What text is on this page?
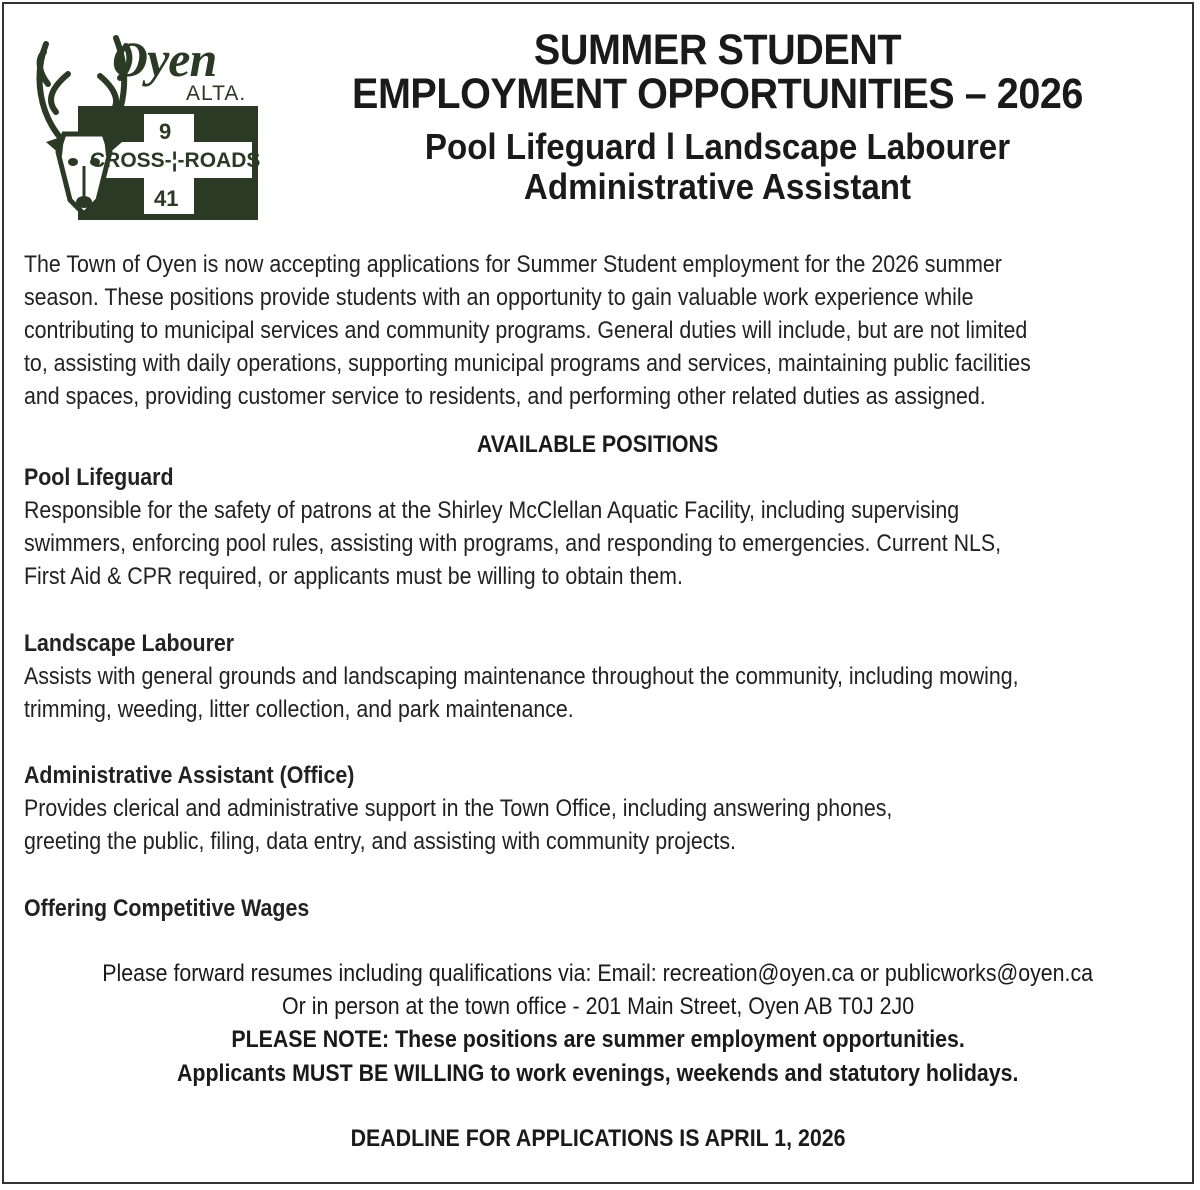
Oyen
ALTA.
9
CROSS-¦-ROADS
41
SUMMER STUDENT
EMPLOYMENT OPPORTUNITIES – 2026
Pool Lifeguard l Landscape Labourer
Administrative Assistant
The Town of Oyen is now accepting applications for Summer Student employment for the 2026 summer
season. These positions provide students with an opportunity to gain valuable work experience while
contributing to municipal services and community programs. General duties will include, but are not limited
to, assisting with daily operations, supporting municipal programs and services, maintaining public facilities
and spaces, providing customer service to residents, and performing other related duties as assigned.
AVAILABLE POSITIONS
Pool Lifeguard
Responsible for the safety of patrons at the Shirley McClellan Aquatic Facility, including supervising
swimmers, enforcing pool rules, assisting with programs, and responding to emergencies. Current NLS,
First Aid & CPR required, or applicants must be willing to obtain them.
Landscape Labourer
Assists with general grounds and landscaping maintenance throughout the community, including mowing,
trimming, weeding, litter collection, and park maintenance.
Administrative Assistant (Office)
Provides clerical and administrative support in the Town Office, including answering phones,
greeting the public, filing, data entry, and assisting with community projects.
Offering Competitive Wages
Please forward resumes including qualifications via: Email: recreation@oyen.ca or publicworks@oyen.ca
Or in person at the town office - 201 Main Street, Oyen AB T0J 2J0
PLEASE NOTE: These positions are summer employment opportunities.
Applicants MUST BE WILLING to work evenings, weekends and statutory holidays.
DEADLINE FOR APPLICATIONS IS APRIL 1, 2026
